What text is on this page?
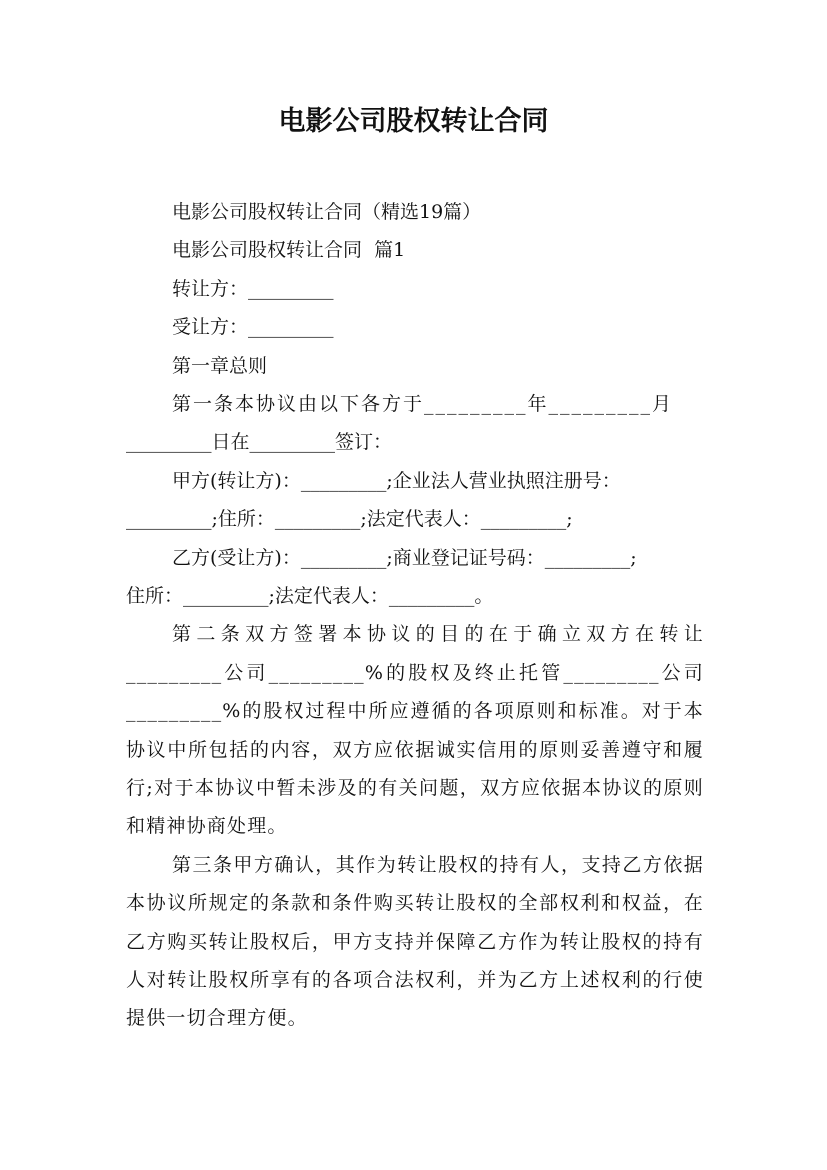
电影公司股权转让合同
电影公司股权转让合同（精选19篇）
电影公司股权转让合同  篇1
转让方：_________
受让方：_________
第一章总则
第一条本协议由以下各方于_________年_________月
_________日在_________签订：
甲方(转让方)：_________;企业法人营业执照注册号：
_________;住所：_________;法定代表人：_________;
乙方(受让方)：_________;商业登记证号码：_________;
住所：_________;法定代表人：_________。

第二条双方签署本协议的目的在于确立双方在转让_________公司_________%的股权及终止托管_________公司_________%的股权过程中所应遵循的各项原则和标准。对于本协议中所包括的内容，双方应依据诚实信用的原则妥善遵守和履行;对于本协议中暂未涉及的有关问题，双方应依据本协议的原则和精神协商处理。

第三条甲方确认，其作为转让股权的持有人，支持乙方依据本协议所规定的条款和条件购买转让股权的全部权利和权益，在乙方购买转让股权后，甲方支持并保障乙方作为转让股权的持有人对转让股权所享有的各项合法权利，并为乙方上述权利的行使提供一切合理方便。
